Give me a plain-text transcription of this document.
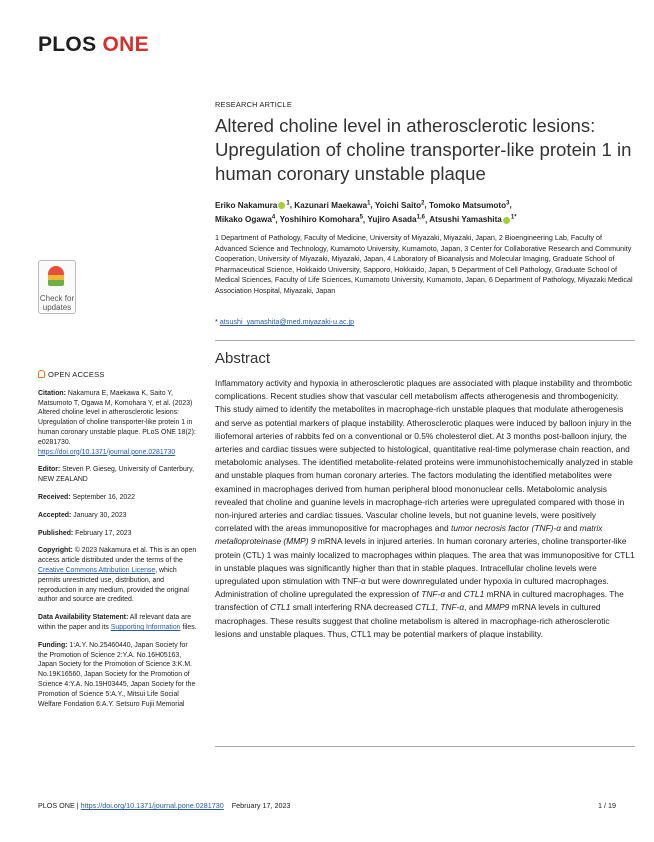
PLOS ONE
RESEARCH ARTICLE
Altered choline level in atherosclerotic lesions: Upregulation of choline transporter-like protein 1 in human coronary unstable plaque
Eriko Nakamura $^1$, Kazunari Maekawa$^1$, Yoichi Saito$^2$, Tomoko Matsumoto$^3$,
Mikako Ogawa$^4$, Yoshihiro Komohara$^5$, Yujiro Asada$^{1,6}$, Atsushi Yamashita $^{1*}$
1 Department of Pathology, Faculty of Medicine, University of Miyazaki, Miyazaki, Japan, 2 Bioengineering Lab, Faculty of Advanced Science and Technology, Kumamoto University, Kumamoto, Japan, 3 Center for Collaborative Research and Community Cooperation, University of Miyazaki, Miyazaki, Japan, 4 Laboratory of Bioanalysis and Molecular Imaging, Graduate School of Pharmaceutical Science, Hokkaido University, Sapporo, Hokkaido, Japan, 5 Department of Cell Pathology, Graduate School of Medical Sciences, Faculty of Life Sciences, Kumamoto University, Kumamoto, Japan, 6 Department of Pathology, Miyazaki Medical Association Hospital, Miyazaki, Japan
* atsushi_yamashita@med.miyazaki-u.ac.jp
Check for
updates
Abstract
Inflammatory activity and hypoxia in atherosclerotic plaques are associated with plaque instability and thrombotic complications. Recent studies show that vascular cell metabolism affects atherogenesis and thrombogenicity. This study aimed to identify the metabolites in macrophage-rich unstable plaques that modulate atherogenesis and serve as potential markers of plaque instability. Atherosclerotic plaques were induced by balloon injury in the iliofemoral arteries of rabbits fed on a conventional or 0.5% cholesterol diet. At 3 months post-balloon injury, the arteries and cardiac tissues were subjected to histological, quantitative real-time polymerase chain reaction, and metabolomic analyses. The identified metabolite-related proteins were immunohistochemically analyzed in stable and unstable plaques from human coronary arteries. The factors modulating the identified metabolites were examined in macrophages derived from human peripheral blood mononuclear cells. Metabolomic analysis revealed that choline and guanine levels in macrophage-rich arteries were upregulated compared with those in non-injured arteries and cardiac tissues. Vascular choline levels, but not guanine levels, were positively correlated with the areas immunopositive for macrophages and tumor necrosis factor (TNF)-α and matrix metalloproteinase (MMP) 9 mRNA levels in injured arteries. In human coronary arteries, choline transporter-like protein (CTL) 1 was mainly localized to macrophages within plaques. The area that was immunopositive for CTL1 in unstable plaques was significantly higher than that in stable plaques. Intracellular choline levels were upregulated upon stimulation with TNF-α but were downregulated under hypoxia in cultured macrophages. Administration of choline upregulated the expression of TNF-α and CTL1 mRNA in cultured macrophages. The transfection of CTL1 small interfering RNA decreased CTL1, TNF-α, and MMP9 mRNA levels in cultured macrophages. These results suggest that choline metabolism is altered in macrophage-rich atherosclerotic lesions and unstable plaques. Thus, CTL1 may be potential markers of plaque instability.

OPEN ACCESS

Citation: Nakamura E, Maekawa K, Saito Y, Matsumoto T, Ogawa M, Komohara Y, et al. (2023) Altered choline level in atherosclerotic lesions: Upregulation of choline transporter-like protein 1 in human coronary unstable plaque. PLoS ONE 18(2): e0281730. https://doi.org/10.1371/journal.pone.0281730

Editor: Steven P. Gieseg, University of Canterbury, NEW ZEALAND

Received: September 16, 2022

Accepted: January 30, 2023

Published: February 17, 2023

Copyright: © 2023 Nakamura et al. This is an open access article distributed under the terms of the Creative Commons Attribution License, which permits unrestricted use, distribution, and reproduction in any medium, provided the original author and source are credited.

Data Availability Statement: All relevant data are within the paper and its Supporting Information files.

Funding: 1:A.Y. No.25460440, Japan Society for the Promotion of Science 2:Y.A. No.16H05163, Japan Society for the Promotion of Science 3:K.M. No.19K16560, Japan Society for the Promotion of Science 4:Y.A. No.19H03445, Japan Society for the Promotion of Science 5:A.Y., Mitsui Life Social Welfare Fondation 6:A.Y. Setsuro Fujii Memorial

PLOS ONE | https://doi.org/10.1371/journal.pone.0281730 February 17, 2023	1 / 19
